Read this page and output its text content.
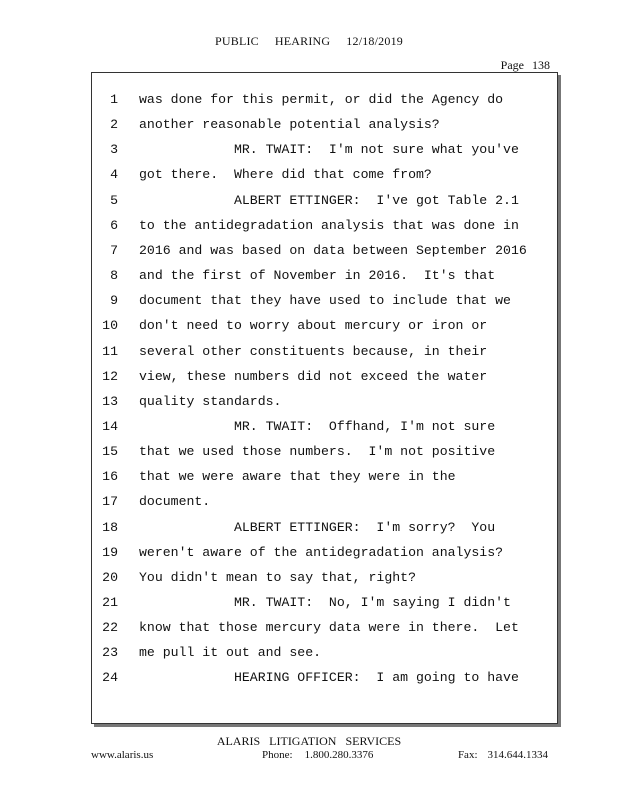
PUBLIC HEARING 12/18/2019
Page 138
1 was done for this permit, or did the Agency do
2 another reasonable potential analysis?
3 MR. TWAIT:  I'm not sure what you've
4 got there.  Where did that come from?
5 ALBERT ETTINGER:  I've got Table 2.1
6 to the antidegradation analysis that was done in
7 2016 and was based on data between September 2016
8 and the first of November in 2016.  It's that
9 document that they have used to include that we
10 don't need to worry about mercury or iron or
11 several other constituents because, in their
12 view, these numbers did not exceed the water
13 quality standards.
14 MR. TWAIT:  Offhand, I'm not sure
15 that we used those numbers.  I'm not positive
16 that we were aware that they were in the
17 document.
18 ALBERT ETTINGER:  I'm sorry?  You
19 weren't aware of the antidegradation analysis?
20 You didn't mean to say that, right?
21 MR. TWAIT:  No, I'm saying I didn't
22 know that those mercury data were in there.  Let
23 me pull it out and see.
24 HEARING OFFICER:  I am going to have
ALARIS LITIGATION SERVICES
www.alaris.us	Phone: 1.800.280.3376	Fax: 314.644.1334
